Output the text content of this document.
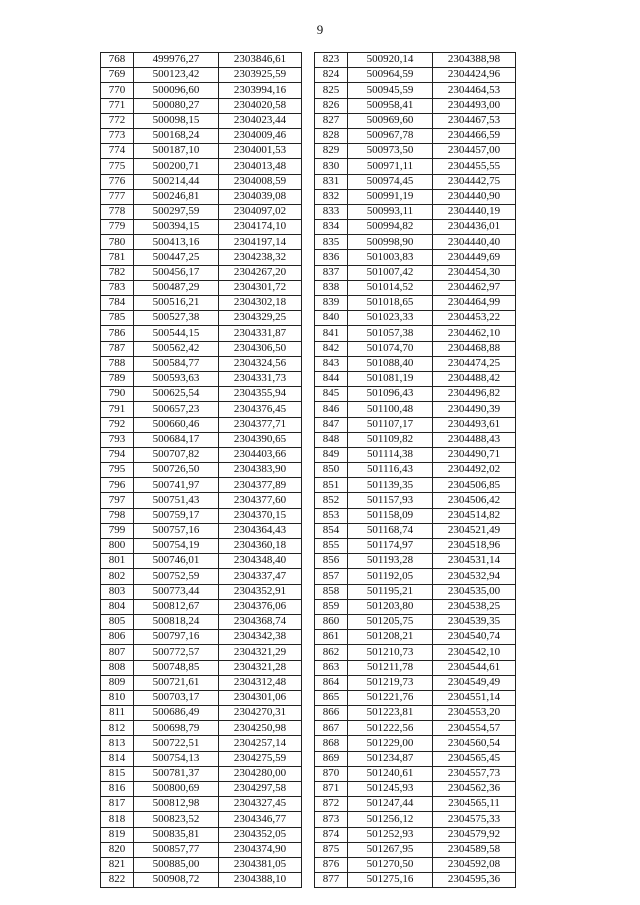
9
768	499976,27	2303846,61
769	500123,42	2303925,59
770	500096,60	2303994,16
771	500080,27	2304020,58
772	500098,15	2304023,44
773	500168,24	2304009,46
774	500187,10	2304001,53
775	500200,71	2304013,48
776	500214,44	2304008,59
777	500246,81	2304039,08
778	500297,59	2304097,02
779	500394,15	2304174,10
780	500413,16	2304197,14
781	500447,25	2304238,32
782	500456,17	2304267,20
783	500487,29	2304301,72
784	500516,21	2304302,18
785	500527,38	2304329,25
786	500544,15	2304331,87
787	500562,42	2304306,50
788	500584,77	2304324,56
789	500593,63	2304331,73
790	500625,54	2304355,94
791	500657,23	2304376,45
792	500660,46	2304377,71
793	500684,17	2304390,65
794	500707,82	2304403,66
795	500726,50	2304383,90
796	500741,97	2304377,89
797	500751,43	2304377,60
798	500759,17	2304370,15
799	500757,16	2304364,43
800	500754,19	2304360,18
801	500746,01	2304348,40
802	500752,59	2304337,47
803	500773,44	2304352,91
804	500812,67	2304376,06
805	500818,24	2304368,74
806	500797,16	2304342,38
807	500772,57	2304321,29
808	500748,85	2304321,28
809	500721,61	2304312,48
810	500703,17	2304301,06
811	500686,49	2304270,31
812	500698,79	2304250,98
813	500722,51	2304257,14
814	500754,13	2304275,59
815	500781,37	2304280,00
816	500800,69	2304297,58
817	500812,98	2304327,45
818	500823,52	2304346,77
819	500835,81	2304352,05
820	500857,77	2304374,90
821	500885,00	2304381,05
822	500908,72	2304388,10
823	500920,14	2304388,98
824	500964,59	2304424,96
825	500945,59	2304464,53
826	500958,41	2304493,00
827	500969,60	2304467,53
828	500967,78	2304466,59
829	500973,50	2304457,00
830	500971,11	2304455,55
831	500974,45	2304442,75
832	500991,19	2304440,90
833	500993,11	2304440,19
834	500994,82	2304436,01
835	500998,90	2304440,40
836	501003,83	2304449,69
837	501007,42	2304454,30
838	501014,52	2304462,97
839	501018,65	2304464,99
840	501023,33	2304453,22
841	501057,38	2304462,10
842	501074,70	2304468,88
843	501088,40	2304474,25
844	501081,19	2304488,42
845	501096,43	2304496,82
846	501100,48	2304490,39
847	501107,17	2304493,61
848	501109,82	2304488,43
849	501114,38	2304490,71
850	501116,43	2304492,02
851	501139,35	2304506,85
852	501157,93	2304506,42
853	501158,09	2304514,82
854	501168,74	2304521,49
855	501174,97	2304518,96
856	501193,28	2304531,14
857	501192,05	2304532,94
858	501195,21	2304535,00
859	501203,80	2304538,25
860	501205,75	2304539,35
861	501208,21	2304540,74
862	501210,73	2304542,10
863	501211,78	2304544,61
864	501219,73	2304549,49
865	501221,76	2304551,14
866	501223,81	2304553,20
867	501222,56	2304554,57
868	501229,00	2304560,54
869	501234,87	2304565,45
870	501240,61	2304557,73
871	501245,93	2304562,36
872	501247,44	2304565,11
873	501256,12	2304575,33
874	501252,93	2304579,92
875	501267,95	2304589,58
876	501270,50	2304592,08
877	501275,16	2304595,36
